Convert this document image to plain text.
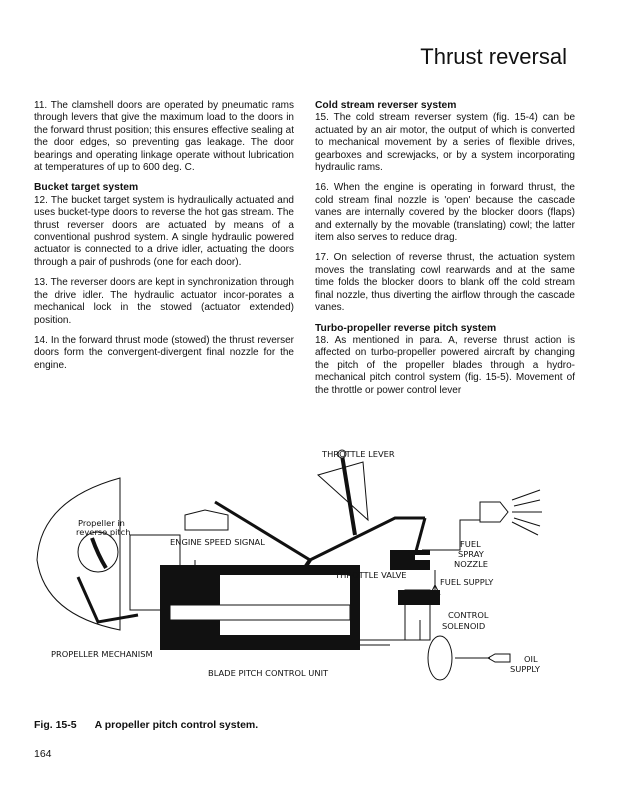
Thrust reversal

11. The clamshell doors are operated by pneumatic rams through levers that give the maximum load to the doors in the forward thrust position; this ensures effective sealing at the door edges, so preventing gas leakage. The door bearings and operating linkage operate without lubrication at temperatures of up to 600 deg. C.

Bucket target system

12. The bucket target system is hydraulically actuated and uses bucket-type doors to reverse the hot gas stream. The thrust reverser doors are actuated by means of a conventional pushrod system. A single hydraulic powered actuator is connected to a drive idler, actuating the doors through a pair of pushrods (one for each door).

13. The reverser doors are kept in synchronization through the drive idler. The hydraulic actuator incor-porates a mechanical lock in the stowed (actuator extended) position.

14. In the forward thrust mode (stowed) the thrust reverser doors form the convergent-divergent final nozzle for the engine.

Cold stream reverser system

15. The cold stream reverser system (fig. 15-4) can be actuated by an air motor, the output of which is converted to mechanical movement by a series of flexible drives, gearboxes and screwjacks, or by a system incorporating hydraulic rams.

16. When the engine is operating in forward thrust, the cold stream final nozzle is 'open' because the cascade vanes are internally covered by the blocker doors (flaps) and externally by the movable (translating) cowl; the latter item also serves to reduce drag.

17. On selection of reverse thrust, the actuation system moves the translating cowl rearwards and at the same time folds the blocker doors to blank off the cold stream final nozzle, thus diverting the airflow through the cascade vanes.

Turbo-propeller reverse pitch system

18. As mentioned in para. A, reverse thrust action is affected on turbo-propeller powered aircraft by changing the pitch of the propeller blades through a hydro-mechanical pitch control system (fig. 15-5). Movement of the throttle or power control lever

THROTTLE LEVER
Propeller in
reverse pitch
ENGINE SPEED SIGNAL	FUEL
SPRAY
NOZZLE
THROTTLE VALVE
FUEL SUPPLY
CONTROL
SOLENOID
PROPELLER MECHANISM	OIL
SUPPLY
BLADE PITCH CONTROL UNIT
Fig. 15-5 A propeller pitch control system.
164
